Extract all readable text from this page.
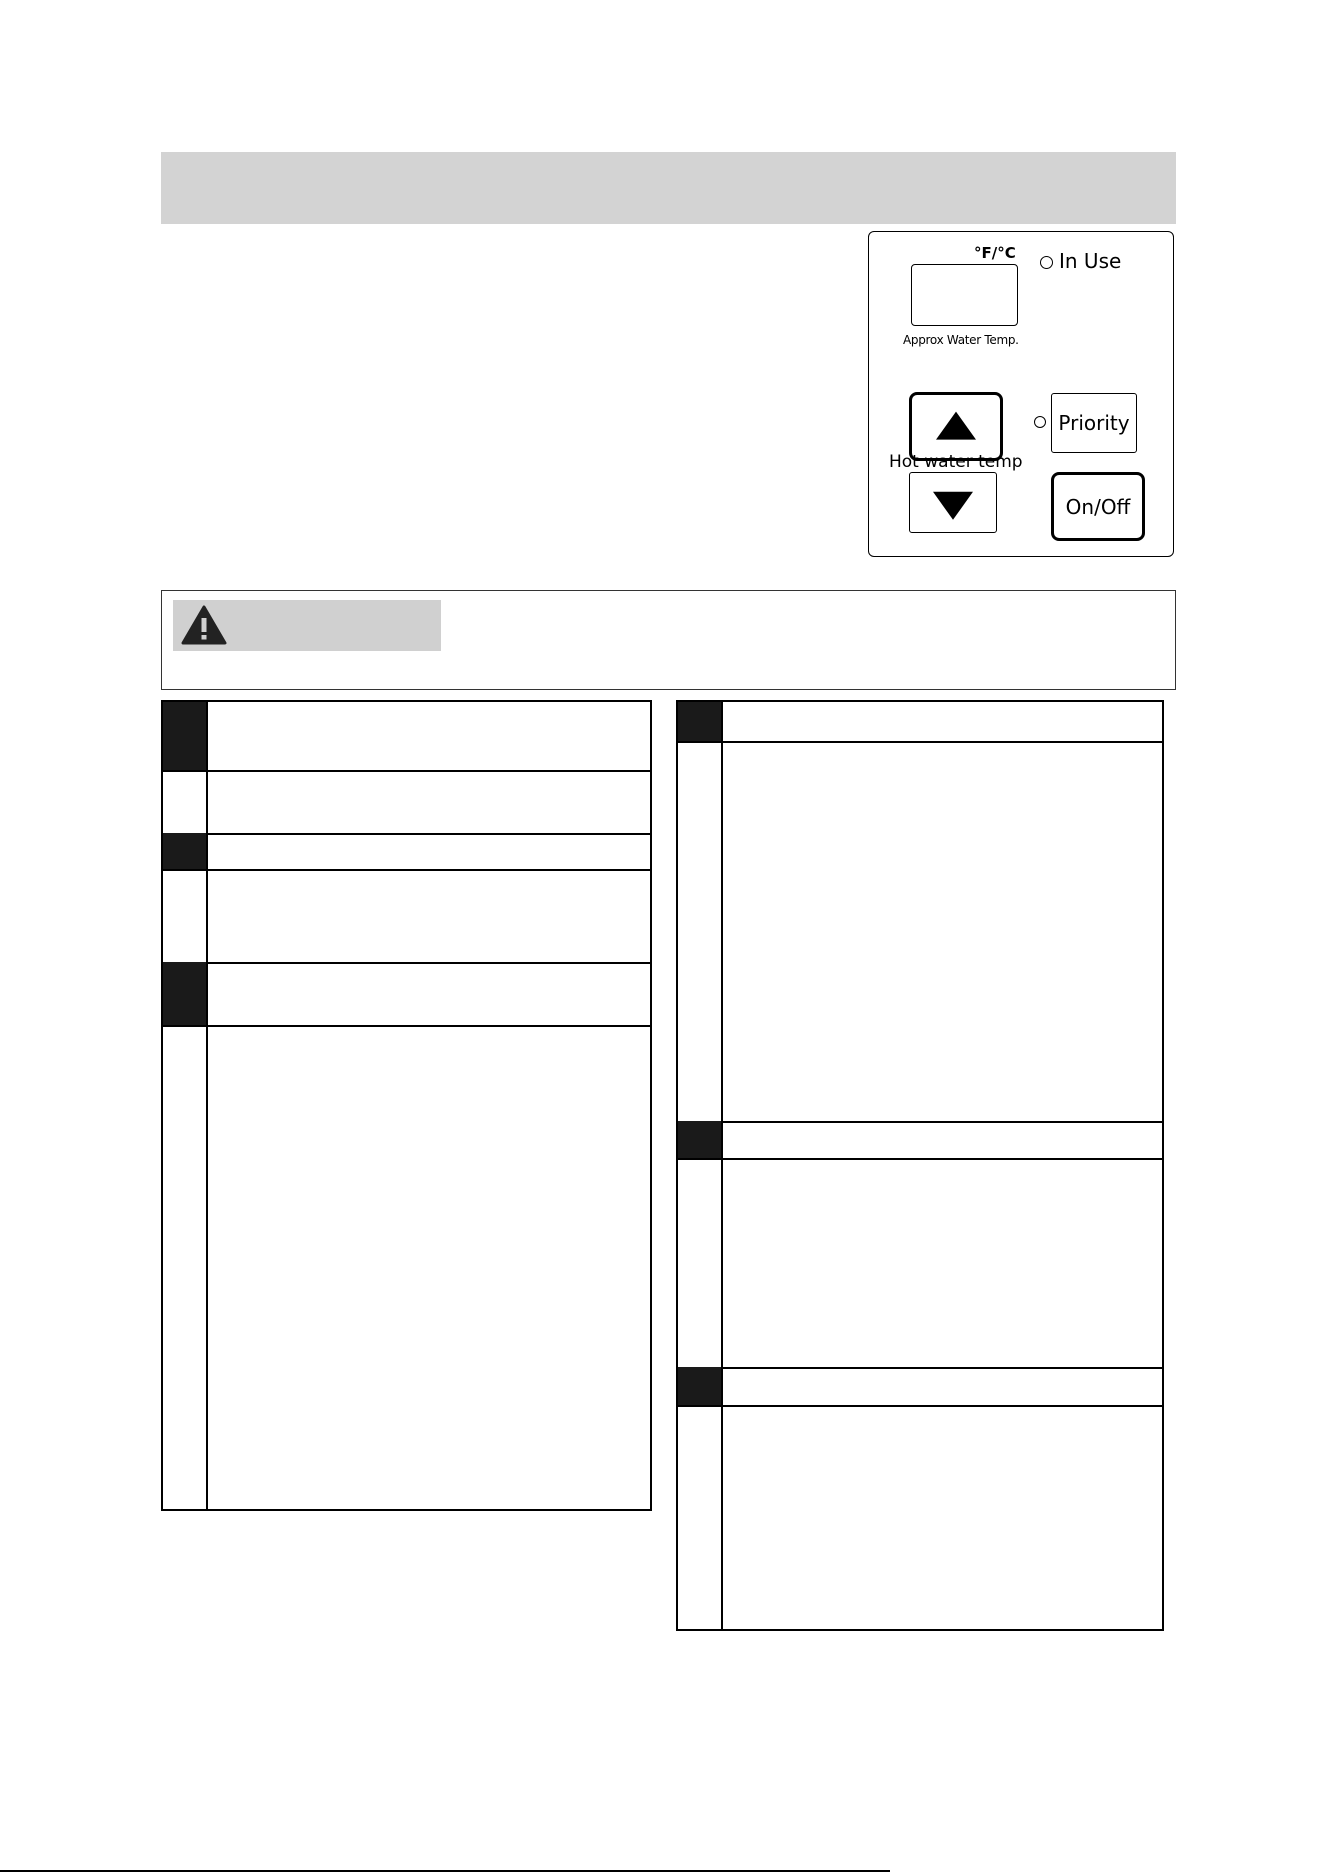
°F/°C In Use
Approx Water Temp.
Hot water temp
Priority
On/Off
